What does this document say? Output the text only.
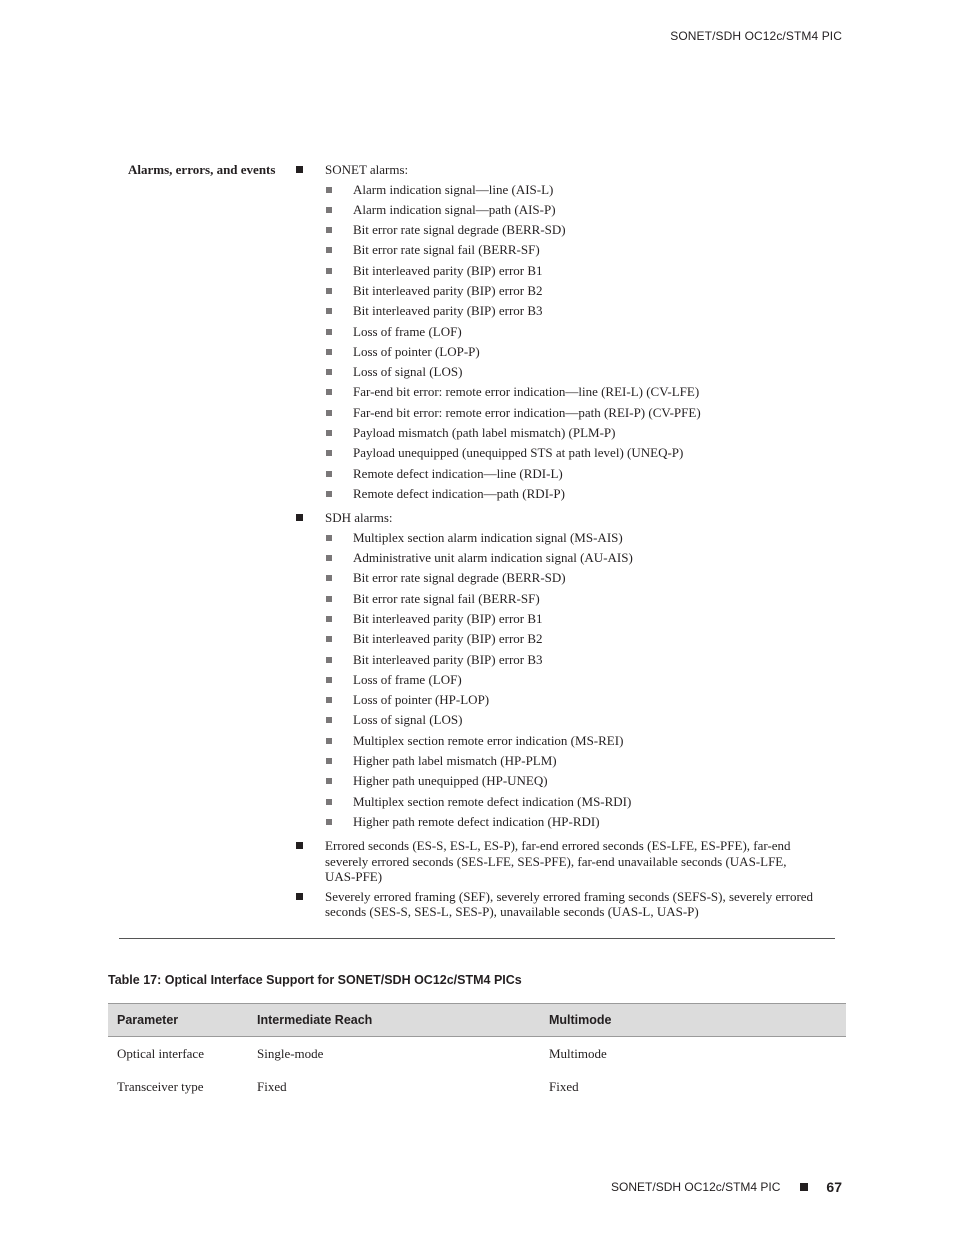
SONET/SDH OC12c/STM4 PIC
Alarms, errors, and events	SONET alarms:
Alarm indication signal—line (AIS-L)
Alarm indication signal—path (AIS-P)
Bit error rate signal degrade (BERR-SD)
Bit error rate signal fail (BERR-SF)
Bit interleaved parity (BIP) error B1
Bit interleaved parity (BIP) error B2
Bit interleaved parity (BIP) error B3
Loss of frame (LOF)
Loss of pointer (LOP-P)
Loss of signal (LOS)
Far-end bit error: remote error indication—line (REI-L) (CV-LFE)
Far-end bit error: remote error indication—path (REI-P) (CV-PFE)
Payload mismatch (path label mismatch) (PLM-P)
Payload unequipped (unequipped STS at path level) (UNEQ-P)
Remote defect indication—line (RDI-L)
Remote defect indication—path (RDI-P)
SDH alarms:
Multiplex section alarm indication signal (MS-AIS)
Administrative unit alarm indication signal (AU-AIS)
Bit error rate signal degrade (BERR-SD)
Bit error rate signal fail (BERR-SF)
Bit interleaved parity (BIP) error B1
Bit interleaved parity (BIP) error B2
Bit interleaved parity (BIP) error B3
Loss of frame (LOF)
Loss of pointer (HP-LOP)
Loss of signal (LOS)
Multiplex section remote error indication (MS-REI)
Higher path label mismatch (HP-PLM)
Higher path unequipped (HP-UNEQ)
Multiplex section remote defect indication (MS-RDI)
Higher path remote defect indication (HP-RDI)
Errored seconds (ES-S, ES-L, ES-P), far-end errored seconds (ES-LFE, ES-PFE), far-end severely errored seconds (SES-LFE, SES-PFE), far-end unavailable seconds (UAS-LFE, UAS-PFE)
Severely errored framing (SEF), severely errored framing seconds (SEFS-S), severely errored seconds (SES-S, SES-L, SES-P), unavailable seconds (UAS-L, UAS-P)
Table 17: Optical Interface Support for SONET/SDH OC12c/STM4 PICs
Parameter	Intermediate Reach	Multimode
Optical interface	Single-mode	Multimode
Transceiver type	Fixed	Fixed
SONET/SDH OC12c/STM4 PIC	67
